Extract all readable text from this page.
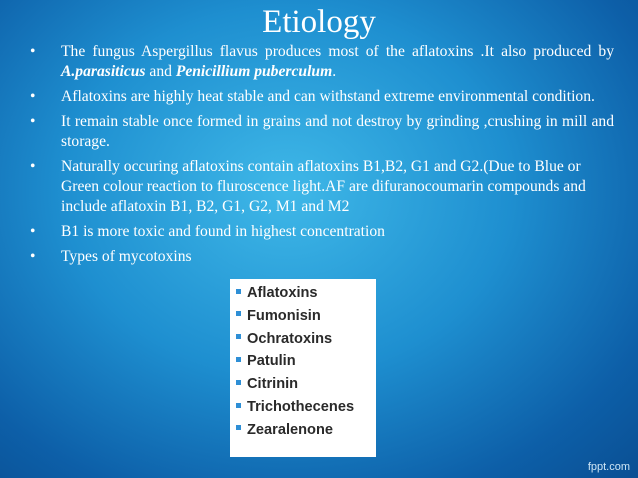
Etiology
• The fungus Aspergillus flavus produces most of the aflatoxins .It also produced by A.parasiticus and Penicillium puberculum.
• Aflatoxins are highly heat stable and can withstand extreme environmental condition.
• It remain stable once formed in grains and not destroy by grinding ,crushing in mill and storage.
• Naturally occuring aflatoxins contain aflatoxins B1,B2, G1 and G2.(Due to Blue or Green colour reaction to fluroscence light.AF are difuranocoumarin compounds and include aflatoxin B1, B2, G1, G2, M1 and M2
• B1 is more toxic and found in highest concentration
• Types of mycotoxins
Aflatoxins
Fumonisin
Ochratoxins
Patulin
Citrinin
Trichothecenes
Zearalenone
fppt.com
